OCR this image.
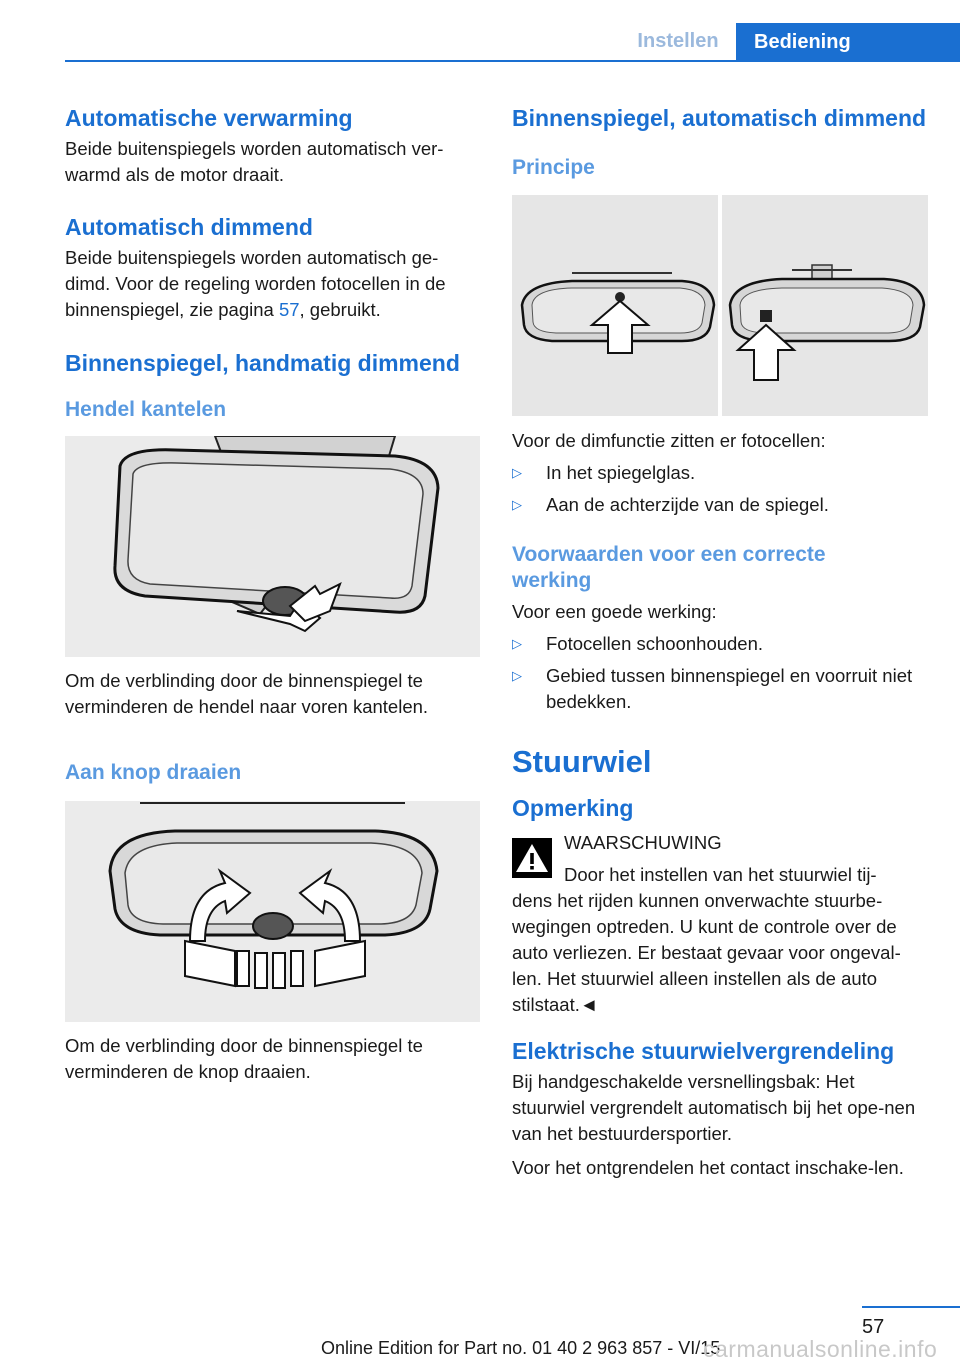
Instellen	Bediening
Automatische verwarming
Beide buitenspiegels worden automatisch ver-warmd als de motor draait.
Automatisch dimmend
Beide buitenspiegels worden automatisch ge-dimd. Voor de regeling worden fotocellen in de binnenspiegel, zie pagina 57, gebruikt.
Binnenspiegel, handmatig dimmend
Hendel kantelen
Om de verblinding door de binnenspiegel te verminderen de hendel naar voren kantelen.
Aan knop draaien
Om de verblinding door de binnenspiegel te verminderen de knop draaien.
Binnenspiegel, automatisch dimmend
Principe
Voor de dimfunctie zitten er fotocellen:
▷	In het spiegelglas.
▷	Aan de achterzijde van de spiegel.
Voorwaarden voor een correcte werking
Voor een goede werking:
▷	Fotocellen schoonhouden.
▷	Gebied tussen binnenspiegel en voorruit niet bedekken.
Stuurwiel
Opmerking
WAARSCHUWING
Door het instellen van het stuurwiel tij-
dens het rijden kunnen onverwachte stuurbe-wegingen optreden. U kunt de controle over de auto verliezen. Er bestaat gevaar voor ongeval-len. Het stuurwiel alleen instellen als de auto stilstaat.◄
Elektrische stuurwielvergrendeling
Bij handgeschakelde versnellingsbak: Het stuurwiel vergrendelt automatisch bij het ope-nen van het bestuurdersportier.
Voor het ontgrendelen het contact inschake-len.
57
Online Edition for Part no. 01 40 2 963 857 - VI/15
carmanualsonline.info
